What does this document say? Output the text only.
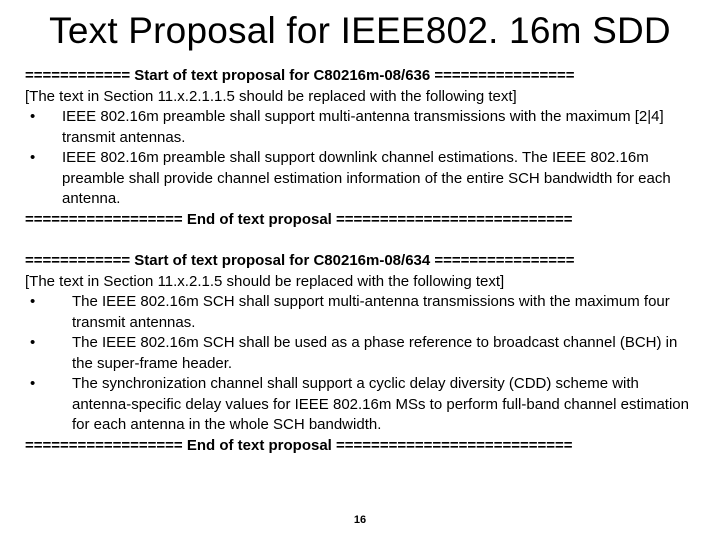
Text Proposal for IEEE802. 16m SDD
============ Start of text proposal for C80216m-08/636 ================
[The text in Section 11.x.2.1.1.5 should be replaced with the following text]
•	IEEE 802.16m preamble shall support multi-antenna transmissions with the maximum [2|4] transmit antennas.
•	IEEE 802.16m preamble shall support downlink channel estimations. The IEEE 802.16m preamble shall provide channel estimation information of the entire SCH bandwidth for each antenna.
================== End of text proposal ===========================
============ Start of text proposal for C80216m-08/634 ================
[The text in Section 11.x.2.1.5 should be replaced with the following text]
•	The IEEE 802.16m SCH shall support multi-antenna transmissions with the maximum four transmit antennas.
•	The IEEE 802.16m SCH shall be used as a phase reference to broadcast channel (BCH) in the super-frame header.
•	The synchronization channel shall support a cyclic delay diversity (CDD) scheme with antenna-specific delay values for IEEE 802.16m MSs to perform full-band channel estimation for each antenna in the whole SCH bandwidth.
================== End of text proposal ===========================
16
